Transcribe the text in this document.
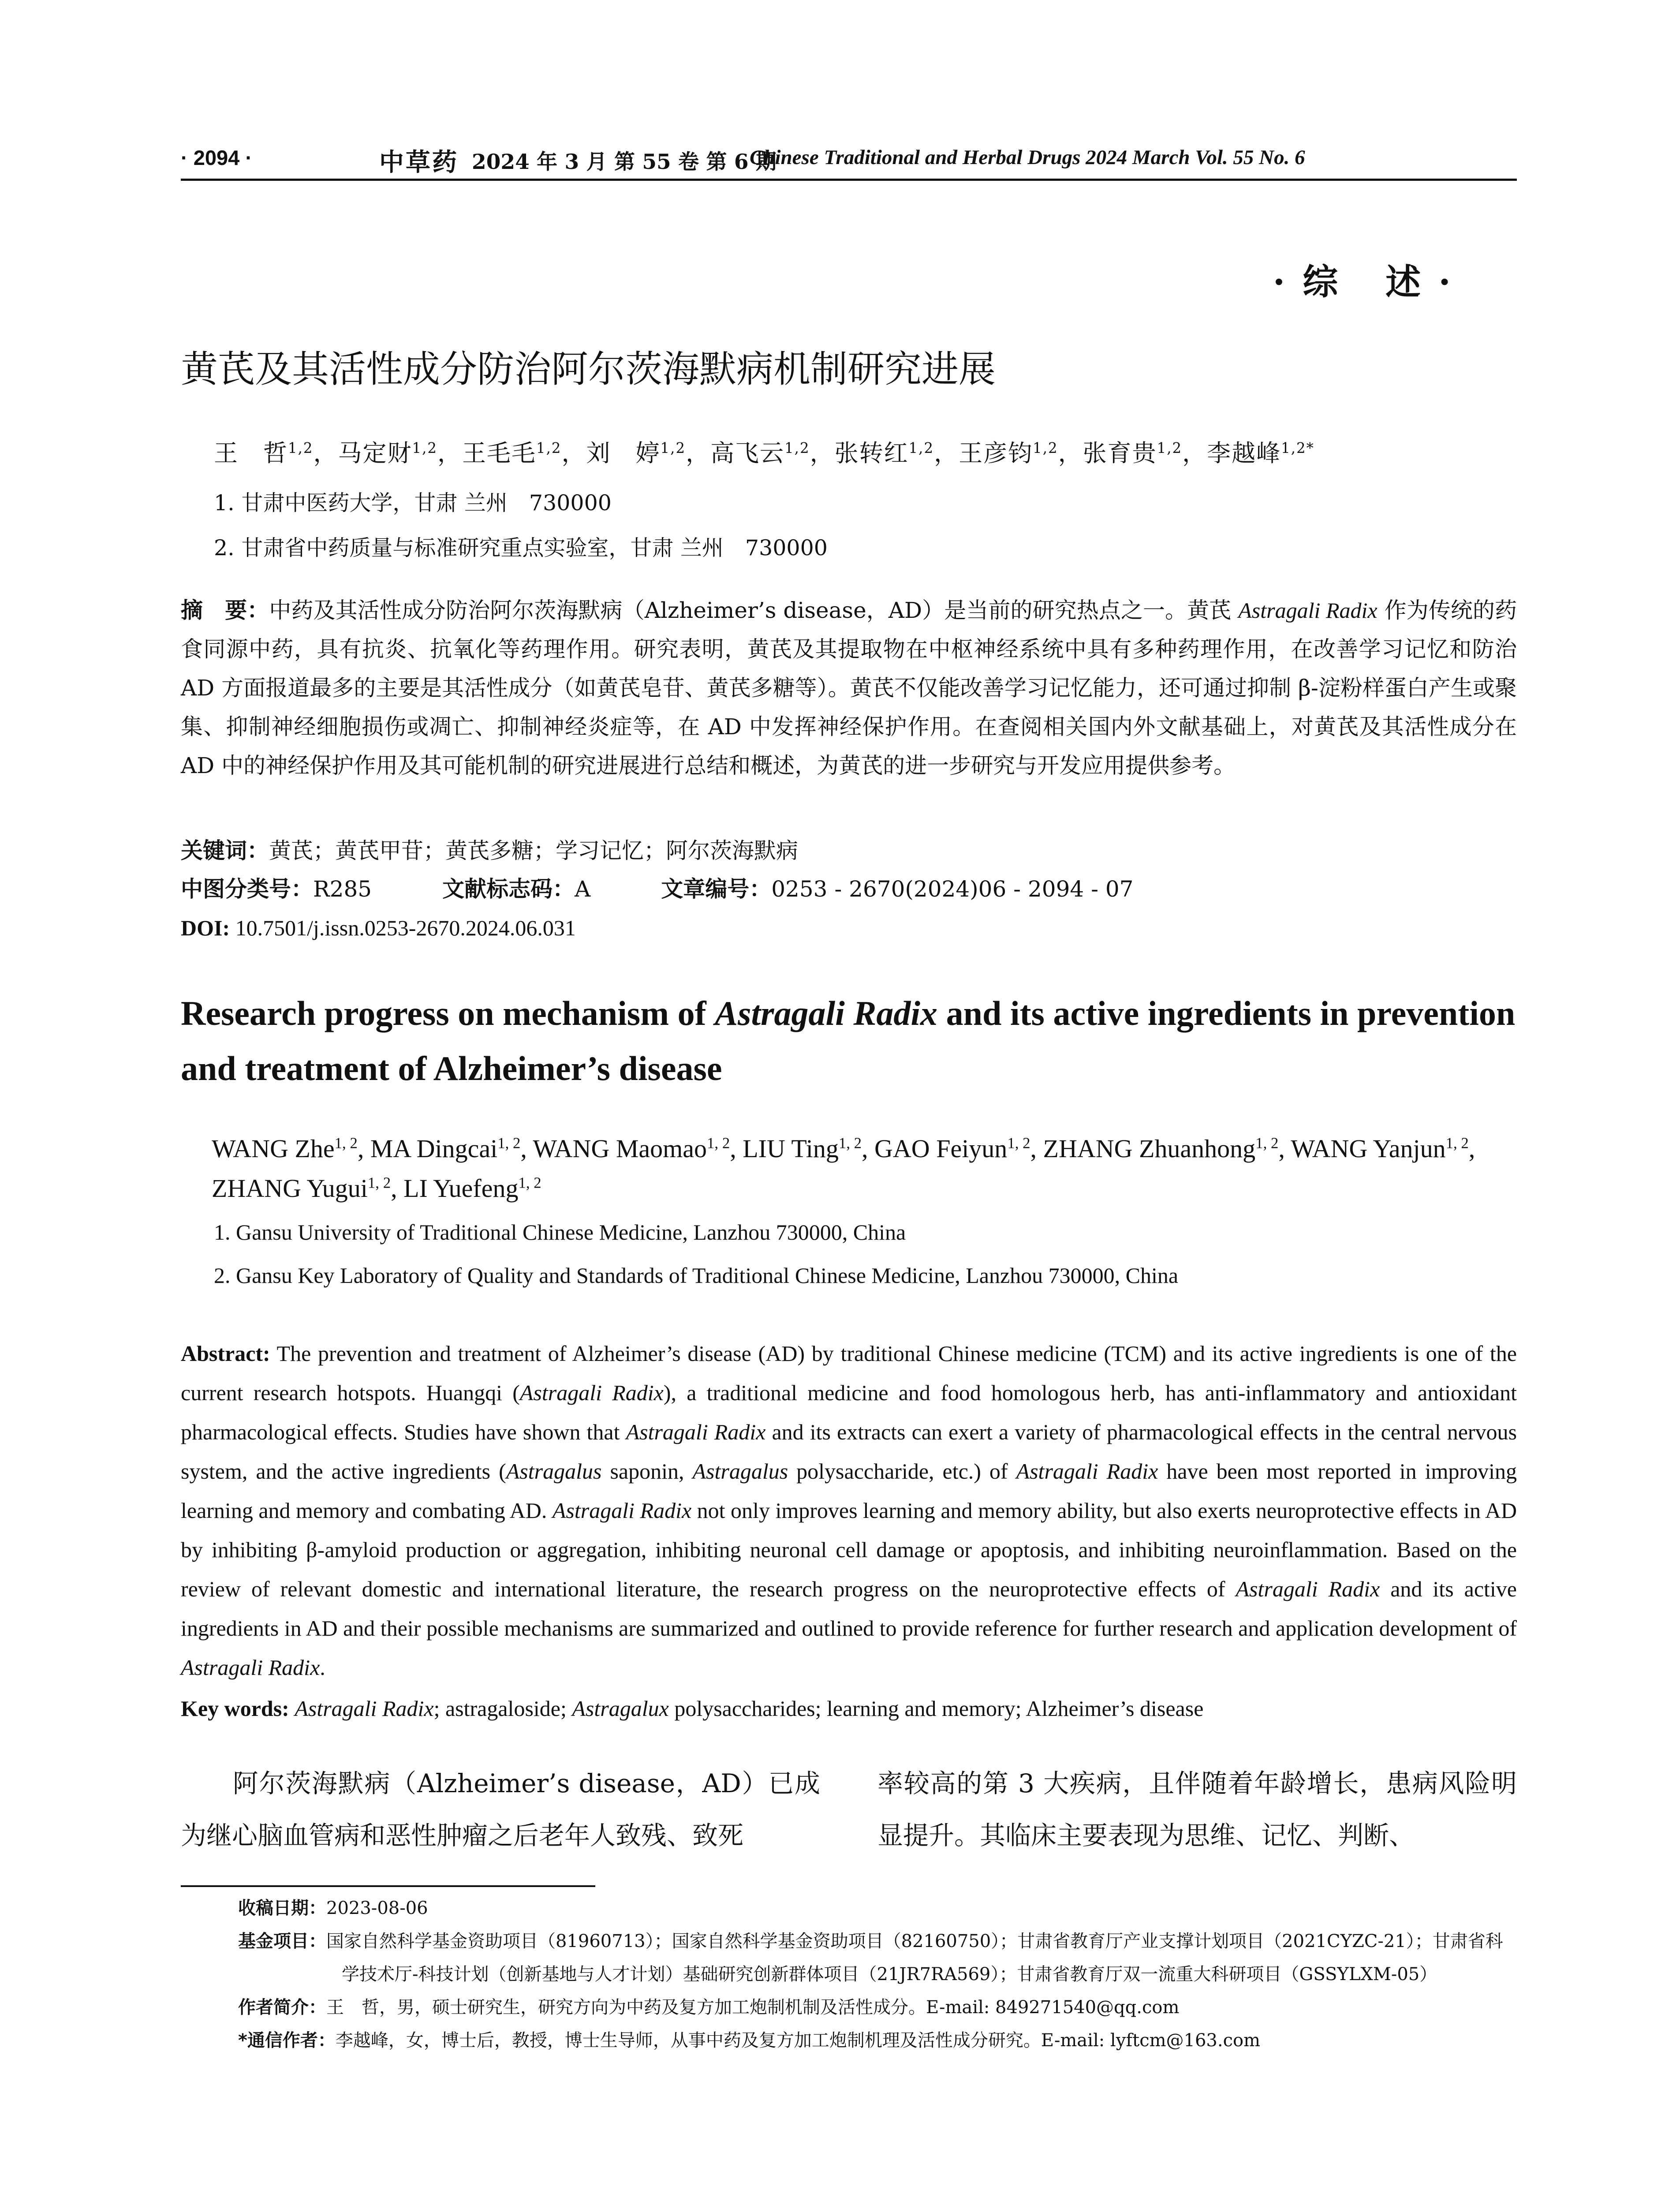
· 2094 ·	中草药 2024 年 3 月 第 55 卷 第 6 期
Chinese Traditional and Herbal Drugs 2024 March Vol. 55 No. 6
·综 述·
黄芪及其活性成分防治阿尔茨海默病机制研究进展
王　哲$^{1,2}$，马定财$^{1,2}$，王毛毛$^{1,2}$，刘　婷$^{1,2}$，高飞云$^{1,2}$，张转红$^{1,2}$，王彦钧$^{1,2}$，张育贵$^{1,2}$，李越峰$^{1,2*}$
1. 甘肃中医药大学，甘肃 兰州　730000
2. 甘肃省中药质量与标准研究重点实验室，甘肃 兰州　730000
摘　要：中药及其活性成分防治阿尔茨海默病（Alzheimer’s disease，AD）是当前的研究热点之一。黄芪 Astragali Radix 作为传统的药食同源中药，具有抗炎、抗氧化等药理作用。研究表明，黄芪及其提取物在中枢神经系统中具有多种药理作用，在改善学习记忆和防治 AD 方面报道最多的主要是其活性成分（如黄芪皂苷、黄芪多糖等）。黄芪不仅能改善学习记忆能力，还可通过抑制 β-淀粉样蛋白产生或聚集、抑制神经细胞损伤或凋亡、抑制神经炎症等，在 AD 中发挥神经保护作用。在查阅相关国内外文献基础上，对黄芪及其活性成分在 AD 中的神经保护作用及其可能机制的研究进展进行总结和概述，为黄芪的进一步研究与开发应用提供参考。
关键词：黄芪；黄芪甲苷；黄芪多糖；学习记忆；阿尔茨海默病
中图分类号：R285	文献标志码：A	文章编号：0253 - 2670(2024)06 - 2094 - 07
DOI: 10.7501/j.issn.0253-2670.2024.06.031
Research progress on mechanism of Astragali Radix and its active ingredients in prevention and treatment of Alzheimer’s disease
WANG Zhe$^{1, 2}$, MA Dingcai$^{1, 2}$, WANG Maomao$^{1, 2}$, LIU Ting$^{1, 2}$, GAO Feiyun$^{1, 2}$, ZHANG Zhuanhong$^{1, 2}$, WANG Yanjun$^{1, 2}$, ZHANG Yugui$^{1, 2}$, LI Yuefeng$^{1, 2}$
1. Gansu University of Traditional Chinese Medicine, Lanzhou 730000, China
2. Gansu Key Laboratory of Quality and Standards of Traditional Chinese Medicine, Lanzhou 730000, China
Abstract: The prevention and treatment of Alzheimer’s disease (AD) by traditional Chinese medicine (TCM) and its active ingredients is one of the current research hotspots. Huangqi (Astragali Radix), a traditional medicine and food homologous herb, has anti-inflammatory and antioxidant pharmacological effects. Studies have shown that Astragali Radix and its extracts can exert a variety of pharmacological effects in the central nervous system, and the active ingredients (Astragalus saponin, Astragalus polysaccharide, etc.) of Astragali Radix have been most reported in improving learning and memory and combating AD. Astragali Radix not only improves learning and memory ability, but also exerts neuroprotective effects in AD by inhibiting β-amyloid production or aggregation, inhibiting neuronal cell damage or apoptosis, and inhibiting neuroinflammation. Based on the review of relevant domestic and international literature, the research progress on the neuroprotective effects of Astragali Radix and its active ingredients in AD and their possible mechanisms are summarized and outlined to provide reference for further research and application development of Astragali Radix.
Key words: Astragali Radix; astragaloside; Astragalux polysaccharides; learning and memory; Alzheimer’s disease
阿尔茨海默病（Alzheimer’s disease，AD）已成为继心脑血管病和恶性肿瘤之后老年人致残、致死
率较高的第 3 大疾病，且伴随着年龄增长，患病风险明显提升。其临床主要表现为思维、记忆、判断、
收稿日期：2023-08-06
基金项目：国家自然科学基金资助项目（81960713）；国家自然科学基金资助项目（82160750）；甘肃省教育厅产业支撑计划项目（2021CYZC-21）；甘肃省科学技术厅-科技计划（创新基地与人才计划）基础研究创新群体项目（21JR7RA569）；甘肃省教育厅双一流重大科研项目（GSSYLXM-05）
作者简介：王　哲，男，硕士研究生，研究方向为中药及复方加工炮制机制及活性成分。E-mail: 849271540@qq.com
*通信作者：李越峰，女，博士后，教授，博士生导师，从事中药及复方加工炮制机理及活性成分研究。E-mail: lyftcm@163.com
